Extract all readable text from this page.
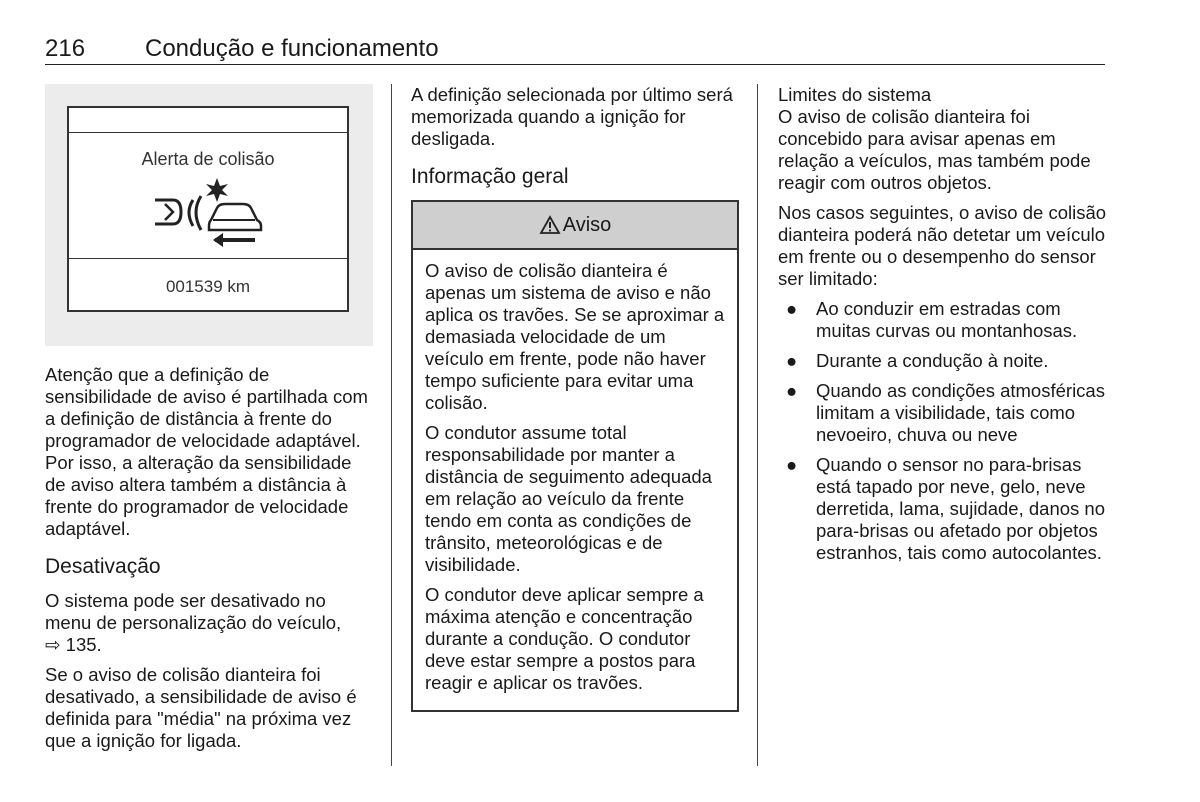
216 Condução e funcionamento
Alerta de colisão
001539 km

Atenção que a definição de sensibilidade de aviso é partilhada com a definição de distância à frente do programador de velocidade adaptável. Por isso, a alteração da sensibilidade de aviso altera também a distância à frente do programador de velocidade adaptável.

Desativação

O sistema pode ser desativado no menu de personalização do veículo,
⇨ 135.

Se o aviso de colisão dianteira foi desativado, a sensibilidade de aviso é definida para "média" na próxima vez que a ignição for ligada.

A definição selecionada por último será memorizada quando a ignição for desligada.

Informação geral
Aviso

O aviso de colisão dianteira é apenas um sistema de aviso e não aplica os travões. Se se aproximar a demasiada velocidade de um veículo em frente, pode não haver tempo suficiente para evitar uma colisão.

O condutor assume total responsabilidade por manter a distância de seguimento adequada em relação ao veículo da frente tendo em conta as condições de trânsito, meteorológicas e de visibilidade.

O condutor deve aplicar sempre a máxima atenção e concentração durante a condução. O condutor deve estar sempre a postos para reagir e aplicar os travões.

Limites do sistema

O aviso de colisão dianteira foi concebido para avisar apenas em relação a veículos, mas também pode reagir com outros objetos.

Nos casos seguintes, o aviso de colisão dianteira poderá não detetar um veículo em frente ou o desempenho do sensor ser limitado:

● Ao conduzir em estradas com muitas curvas ou montanhosas.
● Durante a condução à noite.
● Quando as condições atmosféricas limitam a visibilidade, tais como nevoeiro, chuva ou neve
● Quando o sensor no para-brisas está tapado por neve, gelo, neve derretida, lama, sujidade, danos no para-brisas ou afetado por objetos estranhos, tais como autocolantes.
